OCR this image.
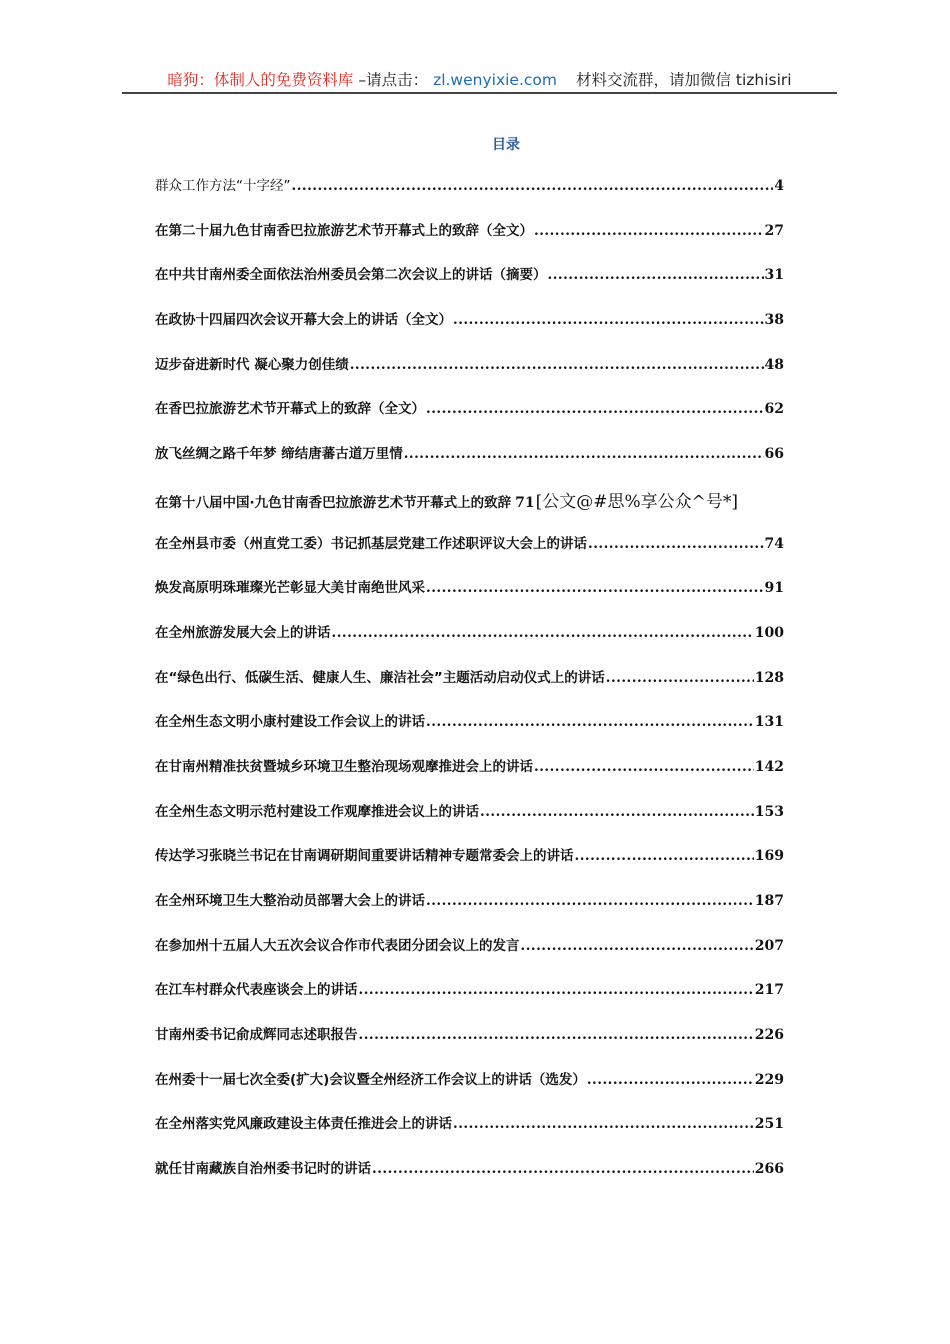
暗狗：体制人的免费资料库 –请点击： zl.wenyixie.com 材料交流群，请加微信 tizhisiri
目录
群众工作方法“十字经” .....	4
在第二十届九色甘南香巴拉旅游艺术节开幕式上的致辞（全文） .....	27
在中共甘南州委全面依法治州委员会第二次会议上的讲话（摘要） .....	31
在政协十四届四次会议开幕大会上的讲话（全文） .....	38
迈步奋进新时代 凝心聚力创佳绩 .....	48
在香巴拉旅游艺术节开幕式上的致辞（全文） .....	62
放飞丝绸之路千年梦 缔结唐蕃古道万里情 .....	66
在第十八届中国·九色甘南香巴拉旅游艺术节开幕式上的致辞 71 [公文@#思%享公众^号*]
在全州县市委（州直党工委）书记抓基层党建工作述职评议大会上的讲话 .....	74
焕发高原明珠璀璨光芒彰显大美甘南绝世风采 .....	91
在全州旅游发展大会上的讲话 .....	100
在“绿色出行、低碳生活、健康人生、廉洁社会”主题活动启动仪式上的讲话 .....	128
在全州生态文明小康村建设工作会议上的讲话 .....	131
在甘南州精准扶贫暨城乡环境卫生整治现场观摩推进会上的讲话 .....	142
在全州生态文明示范村建设工作观摩推进会议上的讲话 .....	153
传达学习张晓兰书记在甘南调研期间重要讲话精神专题常委会上的讲话 .....	169
在全州环境卫生大整治动员部署大会上的讲话 .....	187
在参加州十五届人大五次会议合作市代表团分团会议上的发言 .....	207
在江车村群众代表座谈会上的讲话 .....	217
甘南州委书记俞成辉同志述职报告 .....	226
在州委十一届七次全委(扩大)会议暨全州经济工作会议上的讲话（选发） .....	229
在全州落实党风廉政建设主体责任推进会上的讲话 .....	251
就任甘南藏族自治州委书记时的讲话 .....	266
